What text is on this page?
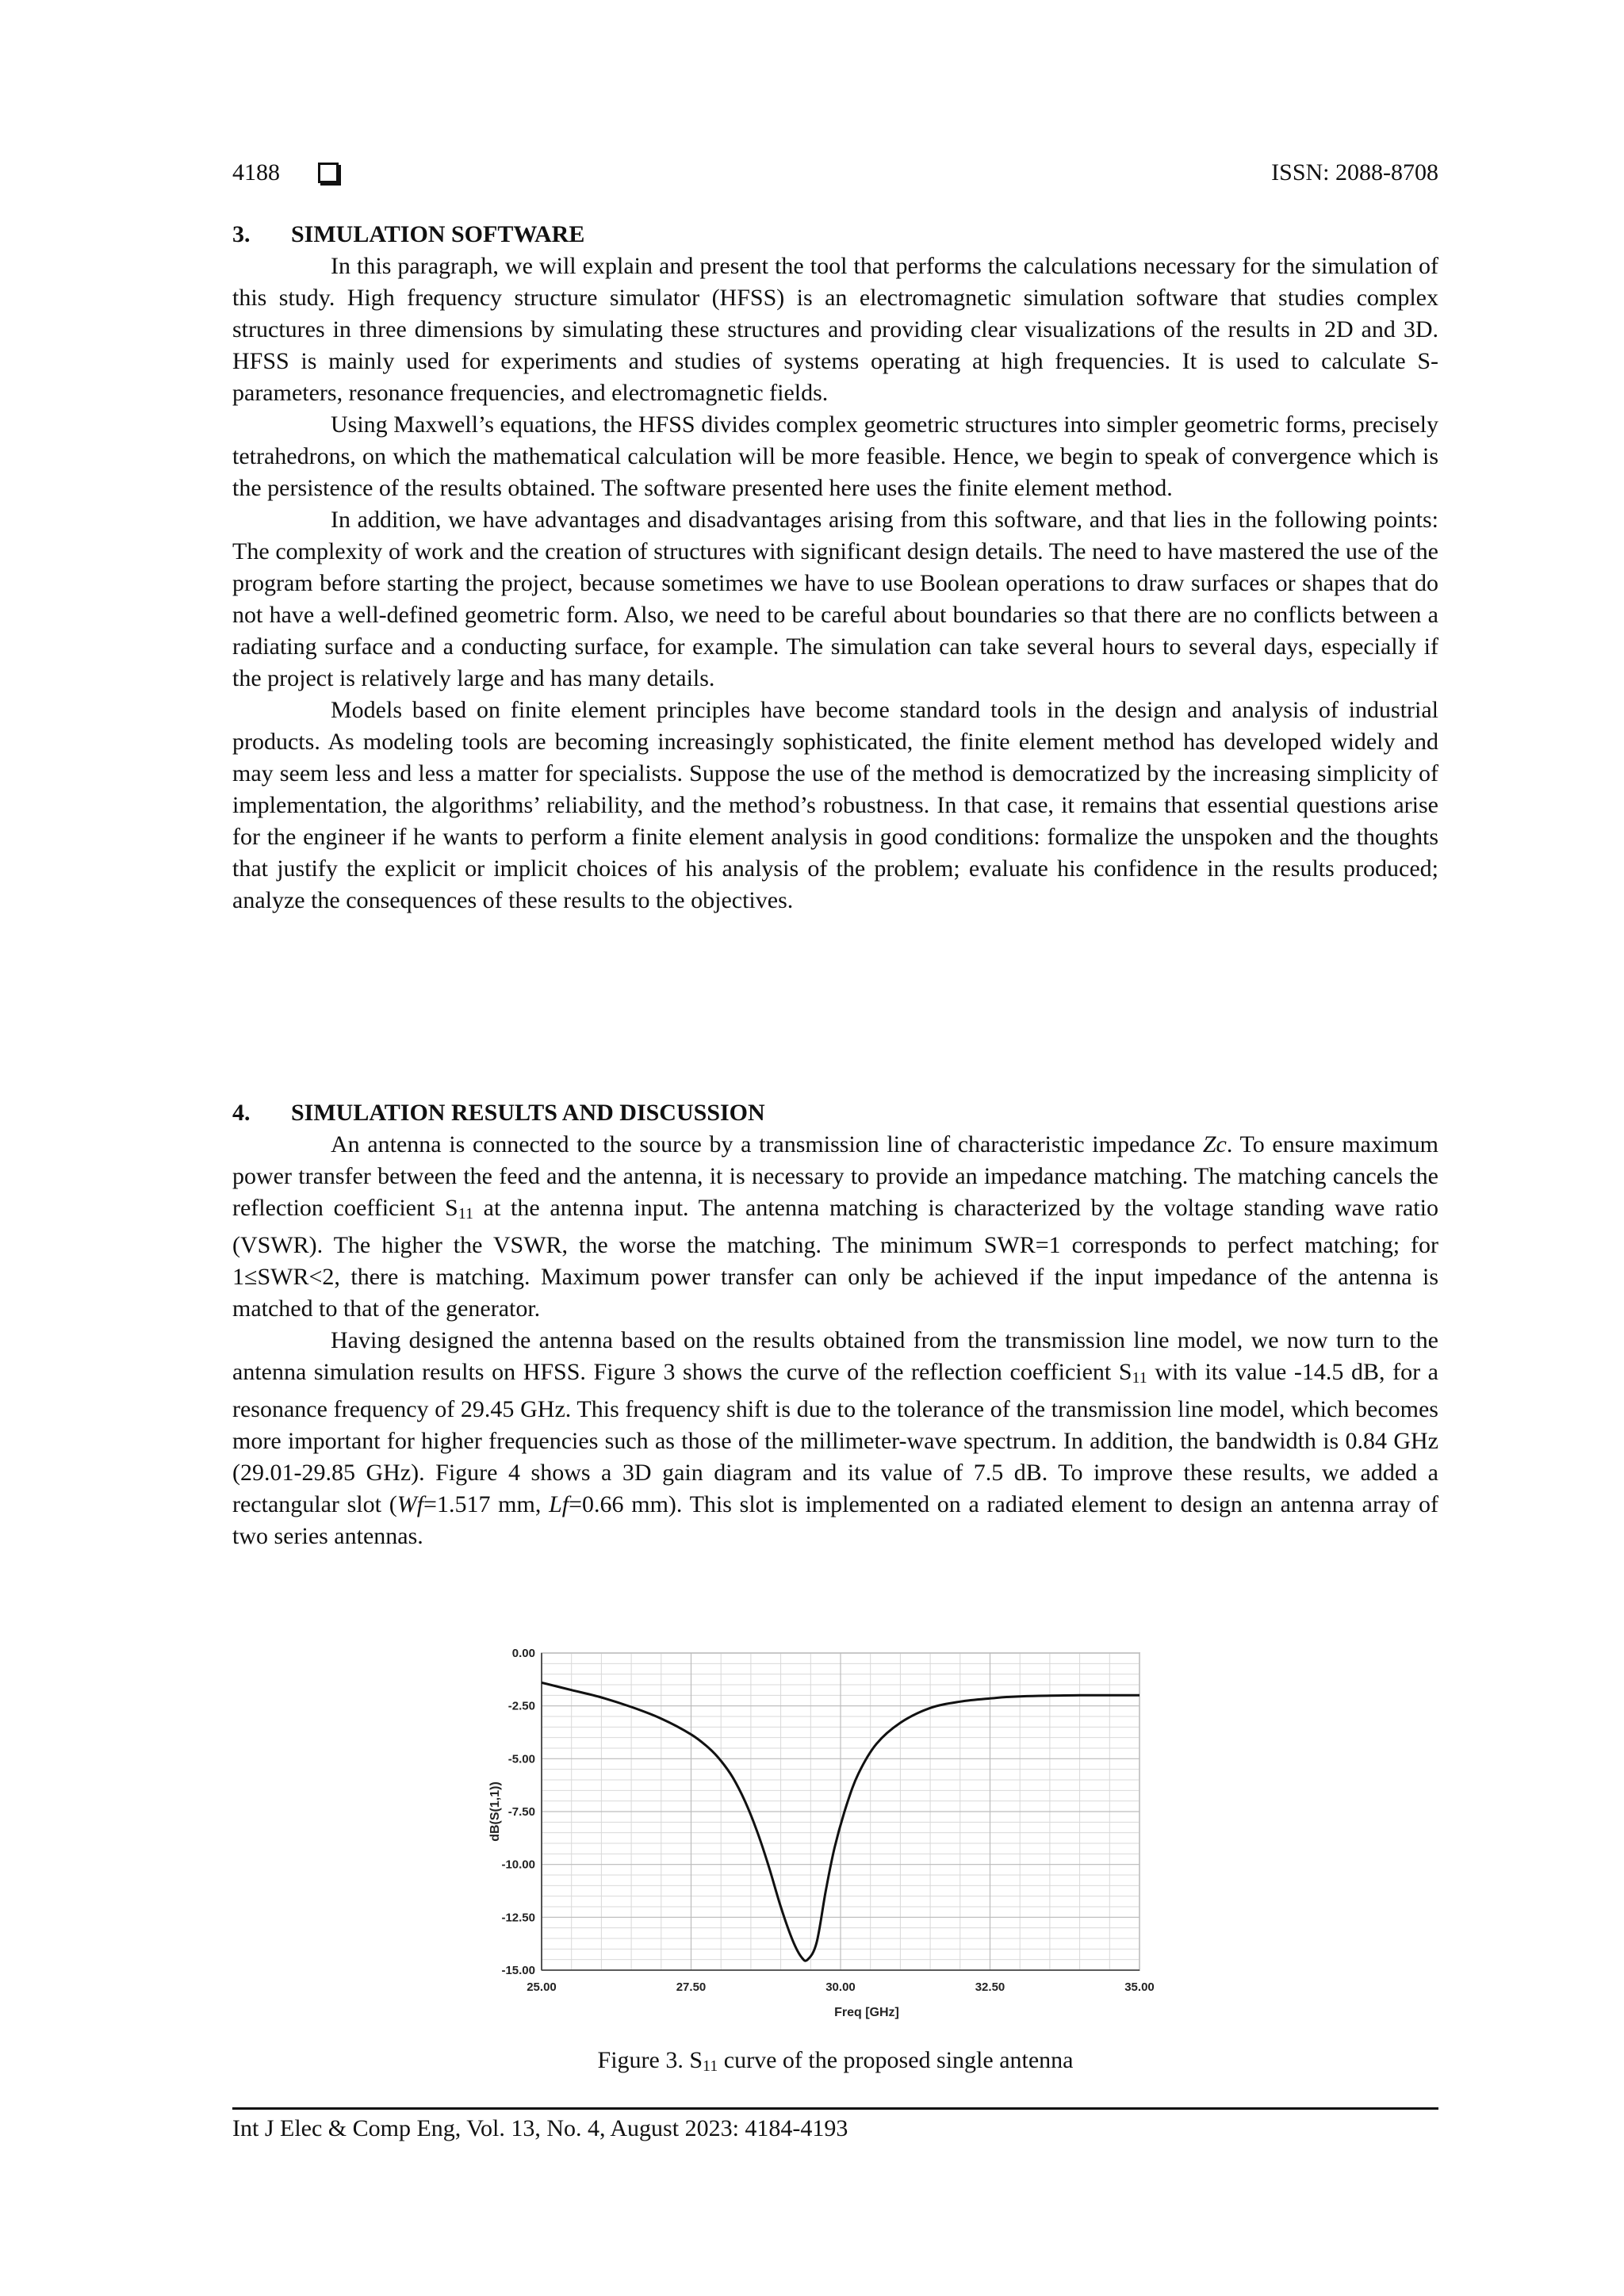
4188	ISSN: 2088-8708
3. SIMULATION SOFTWARE

In this paragraph, we will explain and present the tool that performs the calculations necessary for the simulation of this study. High frequency structure simulator (HFSS) is an electromagnetic simulation software that studies complex structures in three dimensions by simulating these structures and providing clear visualizations of the results in 2D and 3D. HFSS is mainly used for experiments and studies of systems operating at high frequencies. It is used to calculate S-parameters, resonance frequencies, and electromagnetic fields.

Using Maxwell’s equations, the HFSS divides complex geometric structures into simpler geometric forms, precisely tetrahedrons, on which the mathematical calculation will be more feasible. Hence, we begin to speak of convergence which is the persistence of the results obtained. The software presented here uses the finite element method.

In addition, we have advantages and disadvantages arising from this software, and that lies in the following points: The complexity of work and the creation of structures with significant design details. The need to have mastered the use of the program before starting the project, because sometimes we have to use Boolean operations to draw surfaces or shapes that do not have a well-defined geometric form. Also, we need to be careful about boundaries so that there are no conflicts between a radiating surface and a conducting surface, for example. The simulation can take several hours to several days, especially if the project is relatively large and has many details.

Models based on finite element principles have become standard tools in the design and analysis of industrial products. As modeling tools are becoming increasingly sophisticated, the finite element method has developed widely and may seem less and less a matter for specialists. Suppose the use of the method is democratized by the increasing simplicity of implementation, the algorithms’ reliability, and the method’s robustness. In that case, it remains that essential questions arise for the engineer if he wants to perform a finite element analysis in good conditions: formalize the unspoken and the thoughts that justify the explicit or implicit choices of his analysis of the problem; evaluate his confidence in the results produced; analyze the consequences of these results to the objectives.

4. SIMULATION RESULTS AND DISCUSSION

An antenna is connected to the source by a transmission line of characteristic impedance Zc. To ensure maximum power transfer between the feed and the antenna, it is necessary to provide an impedance matching. The matching cancels the reflection coefficient $S_{11}$ at the antenna input. The antenna matching is characterized by the voltage standing wave ratio (VSWR). The higher the VSWR, the worse the matching. The minimum SWR=1 corresponds to perfect matching; for 1≤SWR<2, there is matching. Maximum power transfer can only be achieved if the input impedance of the antenna is matched to that of the generator.

Having designed the antenna based on the results obtained from the transmission line model, we now turn to the antenna simulation results on HFSS. Figure 3 shows the curve of the reflection coefficient $S_{11}$ with its value -14.5 dB, for a resonance frequency of 29.45 GHz. This frequency shift is due to the tolerance of the transmission line model, which becomes more important for higher frequencies such as those of the millimeter-wave spectrum. In addition, the bandwidth is 0.84 GHz (29.01-29.85 GHz). Figure 4 shows a 3D gain diagram and its value of 7.5 dB. To improve these results, we added a rectangular slot (Wf=1.517 mm, Lf=0.66 mm). This slot is implemented on a radiated element to design an antenna array of two series antennas.

25.00	27.50	30.00	32.50	35.00
0.00
-2.50
-5.00
-7.50
-10.00
-12.50
-15.00
Freq [GHz]
dB(S(1,1))
Figure 3. $S_{11}$ curve of the proposed single antenna
Int J Elec & Comp Eng, Vol. 13, No. 4, August 2023: 4184-4193
